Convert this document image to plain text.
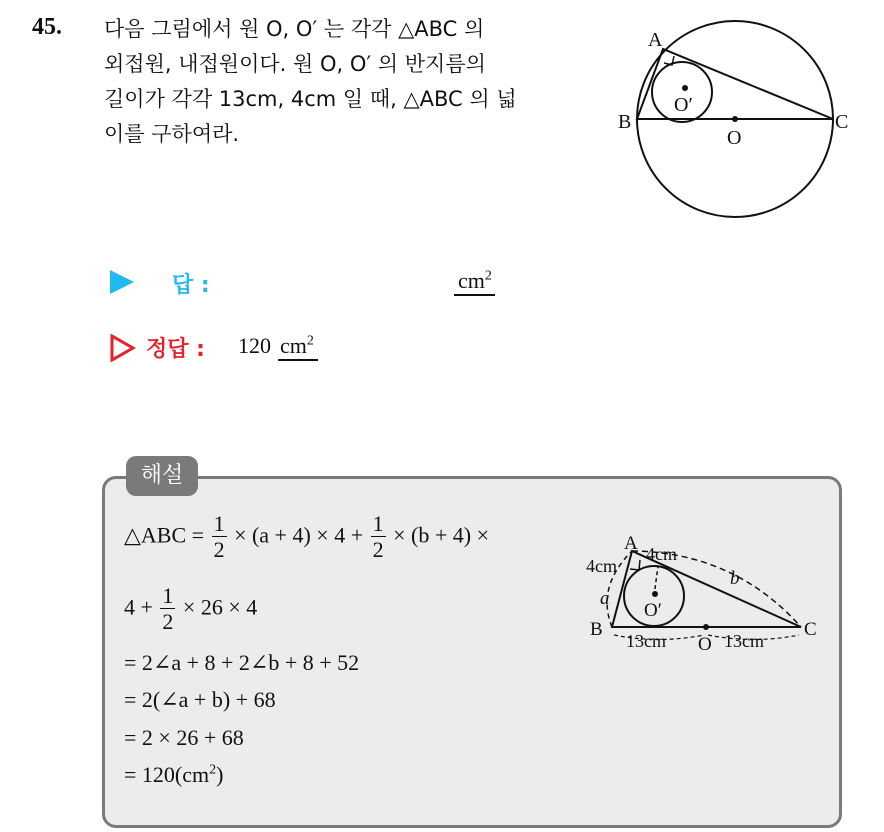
45. 다음 그림에서 원 O, O′ 는 각각 △ABC 의
외접원, 내접원이다. 원 O, O′ 의 반지름의
길이가 각각 13cm, 4cm 일 때, △ABC 의 넓
이를 구하여라.
A
B	C
O
O′
답 :	$cm^2$
정답 : 120 $cm^2$
해설
△ABC = $\frac{1}{2} \times (a + 4) \times 4 + \frac{1}{2} \times (b + 4)$ ×
$4 + \frac{1}{2} \times 26 \times 4$
= 2∠a + 8 + 2∠b + 8 + 52
= 2(∠a + b) + 68
= 2 × 26 + 68
= $120(cm^2)$
A 4cm
4cm
a
b
B	C
O′
O
13cm	13cm
